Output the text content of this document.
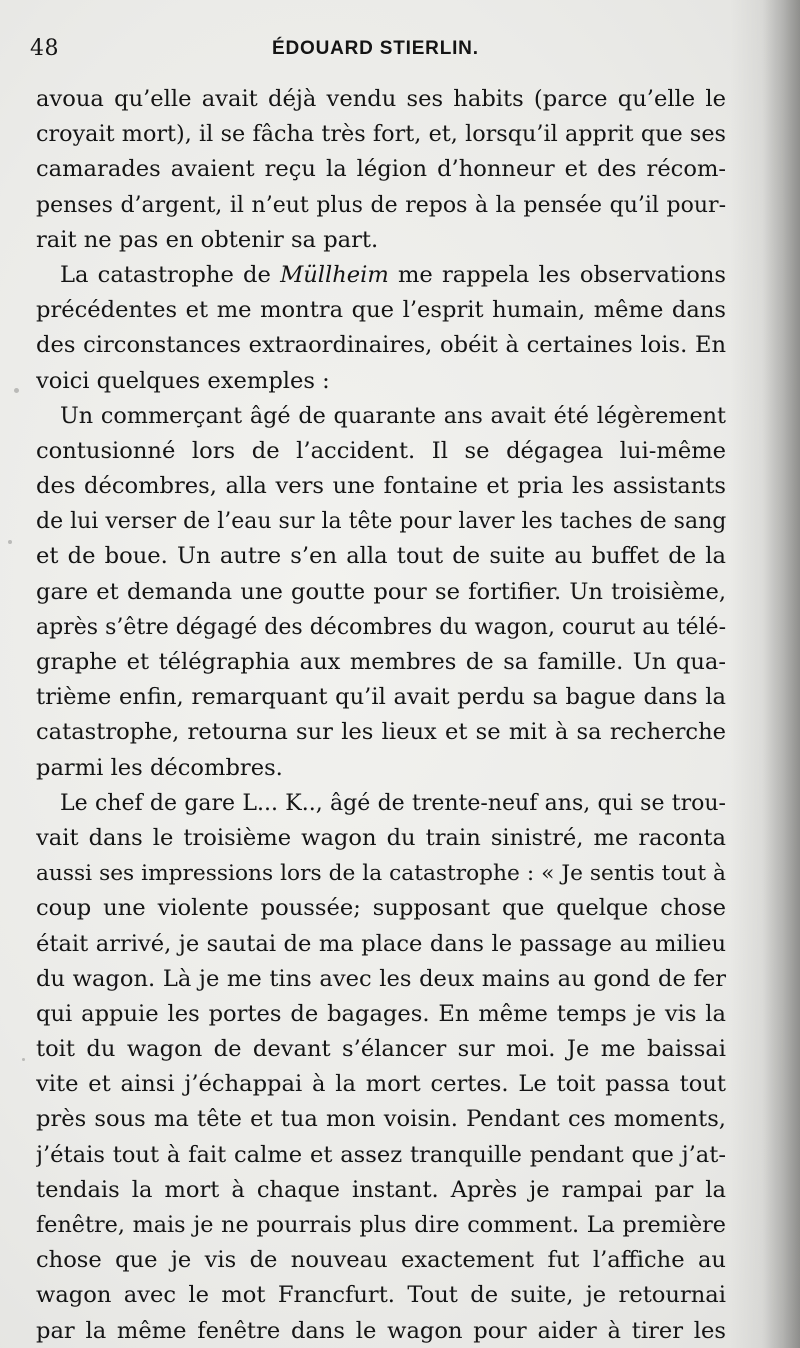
48	ÉDOUARD STIERLIN.
avoua qu’elle avait déjà vendu ses habits (parce qu’elle le
croyait mort), il se fâcha très fort, et, lorsqu’il apprit que ses
camarades avaient reçu la légion d’honneur et des récom-
penses d’argent, il n’eut plus de repos à la pensée qu’il pour-
rait ne pas en obtenir sa part.
La catastrophe de Müllheim me rappela les observations
précédentes et me montra que l’esprit humain, même dans
des circonstances extraordinaires, obéit à certaines lois. En
voici quelques exemples :
Un commerçant âgé de quarante ans avait été légèrement
contusionné lors de l’accident. Il se dégagea lui-même
des décombres, alla vers une fontaine et pria les assistants
de lui verser de l’eau sur la tête pour laver les taches de sang
et de boue. Un autre s’en alla tout de suite au buffet de la
gare et demanda une goutte pour se fortifier. Un troisième,
après s’être dégagé des décombres du wagon, courut au télé-
graphe et télégraphia aux membres de sa famille. Un qua-
trième enfin, remarquant qu’il avait perdu sa bague dans la
catastrophe, retourna sur les lieux et se mit à sa recherche
parmi les décombres.
Le chef de gare L... K.., âgé de trente-neuf ans, qui se trou-
vait dans le troisième wagon du train sinistré, me raconta
aussi ses impressions lors de la catastrophe : « Je sentis tout à
coup une violente poussée; supposant que quelque chose
était arrivé, je sautai de ma place dans le passage au milieu
du wagon. Là je me tins avec les deux mains au gond de fer
qui appuie les portes de bagages. En même temps je vis la
toit du wagon de devant s’élancer sur moi. Je me baissai
vite et ainsi j’échappai à la mort certes. Le toit passa tout
près sous ma tête et tua mon voisin. Pendant ces moments,
j’étais tout à fait calme et assez tranquille pendant que j’at-
tendais la mort à chaque instant. Après je rampai par la
fenêtre, mais je ne pourrais plus dire comment. La première
chose que je vis de nouveau exactement fut l’affiche au
wagon avec le mot Francfurt. Tout de suite, je retournai
par la même fenêtre dans le wagon pour aider à tirer les
